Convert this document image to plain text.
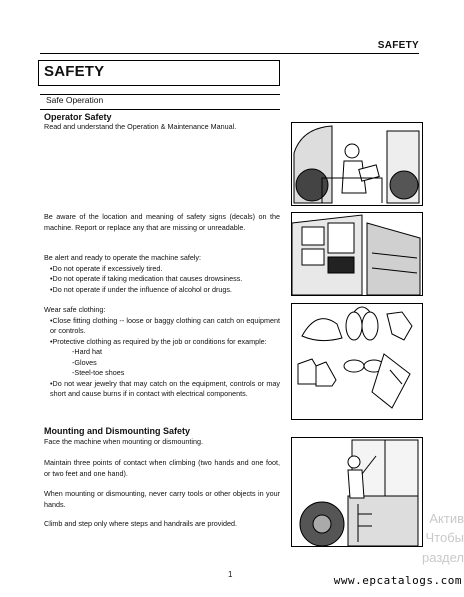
SAFETY
SAFETY
Safe Operation
Operator Safety
Read and understand the Operation & Maintenance Manual.
Be aware of the location and meaning of safety signs (decals) on the machine. Report or replace any that are missing or unreadable.
Be alert and ready to operate the machine safely:
•Do not operate if excessively tired.
•Do not operate if taking medication that causes drowsiness.
•Do not operate if under the influence of alcohol or drugs.
Wear safe clothing:
•Close fitting clothing -- loose or baggy clothing can catch on equipment or controls.
•Protective clothing as required by the job or conditions for example:
-Hard hat
-Gloves
-Steel-toe shoes
•Do not wear jewelry that may catch on the equipment, controls or may short and cause burns if in contact with electrical components.
Mounting and Dismounting Safety
Face the machine when mounting or dismounting.
Maintain three points of contact when climbing (two hands and one foot, or two feet and one hand).
When mounting or dismounting, never carry tools or other objects in your hands.
Climb and step only where steps and handrails are provided.
1	www.epcatalogs.com
Актив
Чтобы
раздел
